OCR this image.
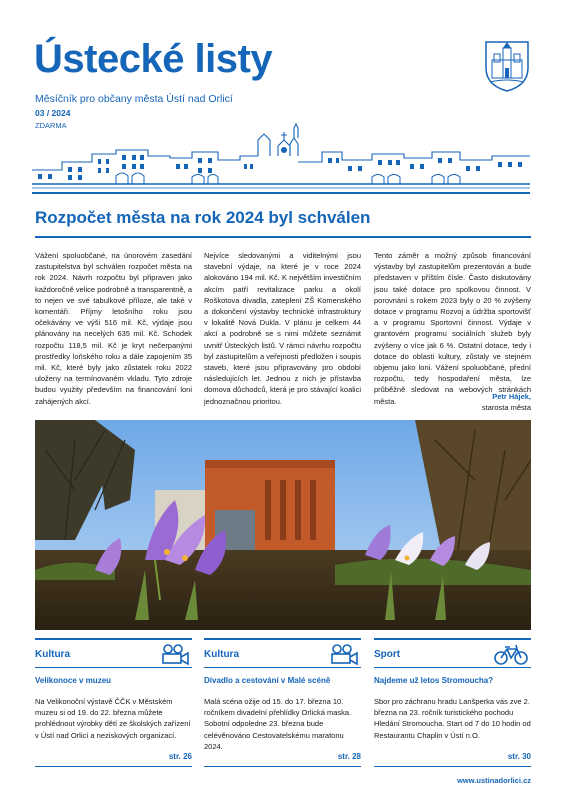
Ústecké listy
Měsíčník pro občany města Ústí nad Orlicí
03 / 2024
ZDARMA
Rozpočet města na rok 2024 byl schválen

Vážení spoluobčané, na únorovém zasedání zastupitelstva byl schválen rozpočet města na rok 2024. Návrh rozpočtu byl připraven jako každoročně velice podrobně a transparentně, a to nejen ve své tabulkové příloze, ale také v komentáři. Příjmy letošního roku jsou očekávány ve výši 516 mil. Kč, výdaje jsou plánovány na necelých 635 mil. Kč. Schodek rozpočtu 118,5 mil. Kč je kryt nečerpanými prostředky loňského roku a dále zapojením 35 mil. Kč, které byly jako zůstatek roku 2022 uloženy na termínovaném vkladu. Tyto zdroje budou využity především na financování loni zahájených akcí.

Nejvíce sledovanými a viditelnými jsou stavební výdaje, na které je v roce 2024 alokováno 194 mil. Kč. K největším investičním akcím patří revitalizace parku a okolí Roškotova divadla, zateplení ZŠ Komenského a dokončení výstavby technické infrastruktury v lokalitě Nová Dukla. V plánu je celkem 44 akcí a podrobně se s nimi můžete seznámit uvnitř Ústeckých listů. V rámci návrhu rozpočtu byl zastupitelům a veřejnosti předložen i soupis staveb, které jsou připravovány pro období následujících let. Jednou z nich je přístavba domova důchodců, která je pro stávající koalici jednoznačnou prioritou.

Tento záměr a možný způsob financování výstavby byl zastupitelům prezentován a bude představen v příštím čísle. Často diskutovány jsou také dotace pro spolkovou činnost. V porovnání s rokem 2023 byly o 20 % zvýšeny dotace v programu Rozvoj a údržba sportovišť a v programu Sportovní činnost. Výdaje v grantovém programu sociálních služeb byly zvýšeny o více jak 6 %. Ostatní dotace, tedy i dotace do oblasti kultury, zůstaly ve stejném objemu jako loni. Vážení spoluobčané, přední rozpočtu, tedy hospodaření města, lze průběžně sledovat na webových stránkách města.

Petr Hájek,
starosta města
Kultura
Velikonoce v muzeu
Na Velikonoční výstavě ČČK v Městském muzeu si od 19. do 22. března můžete prohlédnout výrobky dětí ze školských zařízení v Ústí nad Orlicí a neziskových organizací.
str. 26
Kultura
Divadlo a cestování v Malé scéně
Malá scéna ožije od 15. do 17. března 10. ročníkem divadelní přehlídky Orlická maska. Sobotní odpoledne 23. března bude celévěnováno Cestovatelskému maratonu 2024.
str. 28
Sport
Najdeme už letos Stromoucha?
Sbor pro záchranu hradu Lanšperka vás zve 2. března na 23. ročník turistického pochodu Hledání Stromoucha. Start od 7 do 10 hodin od Restaurantu Chaplin v Ústí n.O.
str. 30
www.ustinadorlici.cz
